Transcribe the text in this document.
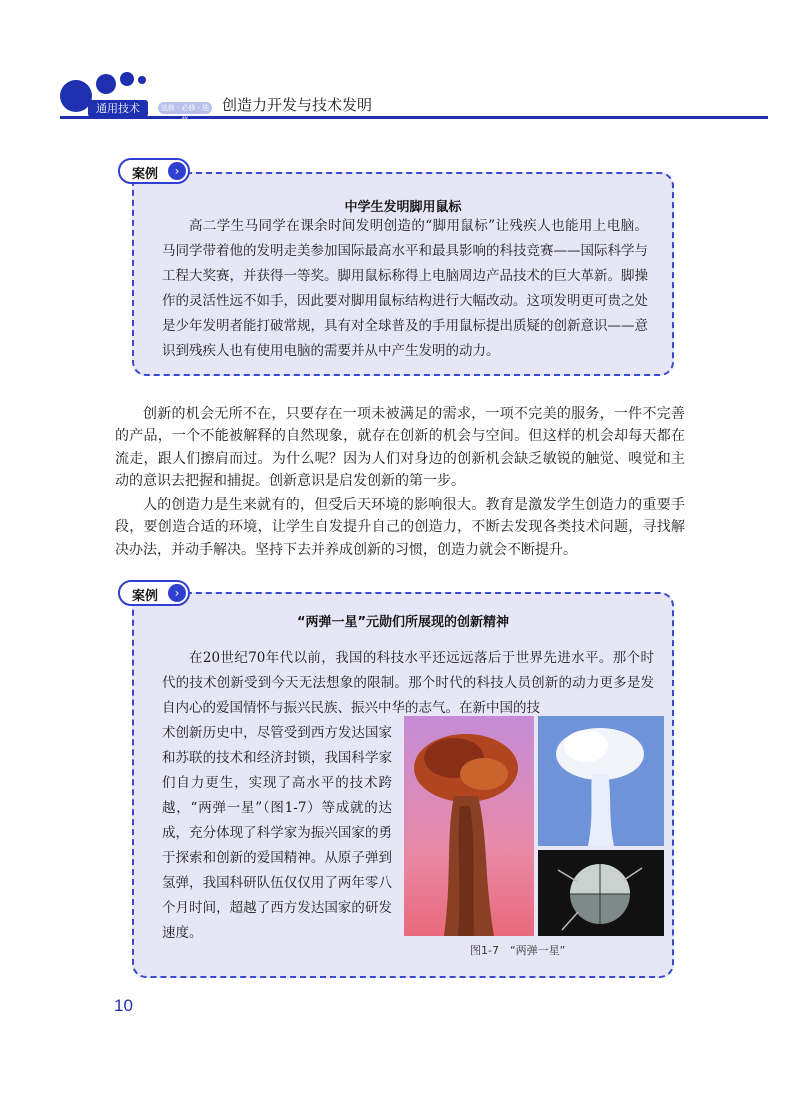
通用技术	选修 · 必修 · 选修
创造力开发与技术发明
案例	›
中学生发明脚用鼠标
高二学生马同学在课余时间发明创造的“脚用鼠标”让残疾人也能用上电脑。马同学带着他的发明走美参加国际最高水平和最具影响的科技竞赛——国际科学与工程大奖赛，并获得一等奖。脚用鼠标称得上电脑周边产品技术的巨大革新。脚操作的灵活性远不如手，因此要对脚用鼠标结构进行大幅改动。这项发明更可贵之处是少年发明者能打破常规，具有对全球普及的手用鼠标提出质疑的创新意识——意识到残疾人也有使用电脑的需要并从中产生发明的动力。
创新的机会无所不在，只要存在一项未被满足的需求，一项不完美的服务，一件不完善的产品，一个不能被解释的自然现象，就存在创新的机会与空间。但这样的机会却每天都在流走，跟人们擦肩而过。为什么呢？因为人们对身边的创新机会缺乏敏锐的触觉、嗅觉和主动的意识去把握和捕捉。创新意识是启发创新的第一步。
人的创造力是生来就有的，但受后天环境的影响很大。教育是激发学生创造力的重要手段，要创造合适的环境，让学生自发提升自己的创造力，不断去发现各类技术问题，寻找解决办法，并动手解决。坚持下去并养成创新的习惯，创造力就会不断提升。
案例	›
“两弹一星”元勋们所展现的创新精神
在20世纪70年代以前，我国的科技水平还远远落后于世界先进水平。那个时代的技术创新受到今天无法想象的限制。那个时代的科技人员创新的动力更多是发自内心的爱国情怀与振兴民族、振兴中华的志气。在新中国的技
术创新历史中，尽管受到西方发达国家和苏联的技术和经济封锁，我国科学家们自力更生，实现了高水平的技术跨越，“两弹一星”（图1-7）等成就的达成，充分体现了科学家为振兴国家的勇于探索和创新的爱国精神。从原子弹到氢弹，我国科研队伍仅仅用了两年零八个月时间，超越了西方发达国家的研发速度。
图1-7　“两弹一星”
10
